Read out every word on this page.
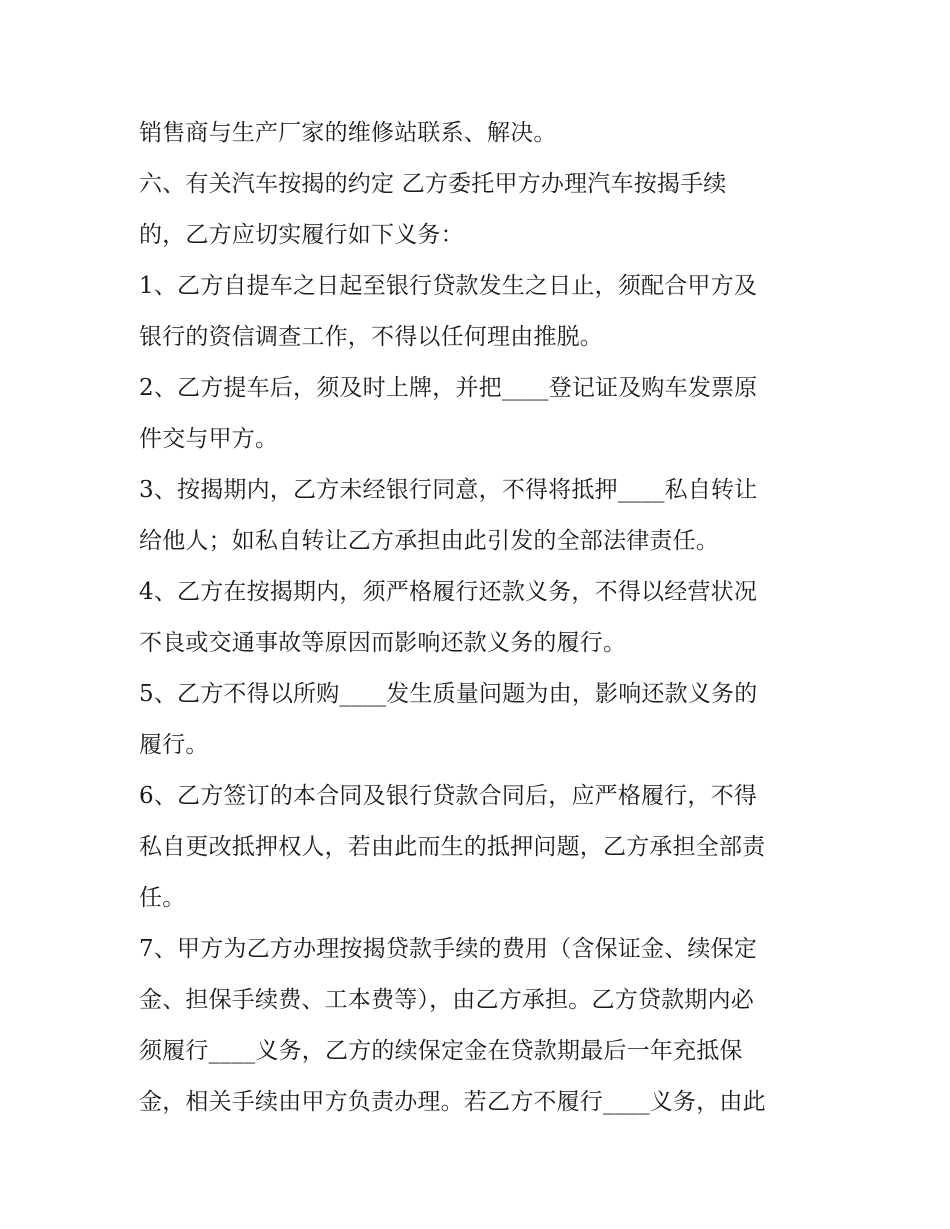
销售商与生产厂家的维修站联系、解决。
六、有关汽车按揭的约定 乙方委托甲方办理汽车按揭手续
的，乙方应切实履行如下义务：
1、乙方自提车之日起至银行贷款发生之日止，须配合甲方及
银行的资信调查工作，不得以任何理由推脱。
2、乙方提车后，须及时上牌，并把____登记证及购车发票原
件交与甲方。
3、按揭期内，乙方未经银行同意，不得将抵押____私自转让
给他人；如私自转让乙方承担由此引发的全部法律责任。
4、乙方在按揭期内，须严格履行还款义务，不得以经营状况
不良或交通事故等原因而影响还款义务的履行。
5、乙方不得以所购____发生质量问题为由，影响还款义务的
履行。
6、乙方签订的本合同及银行贷款合同后，应严格履行，不得
私自更改抵押权人，若由此而生的抵押问题，乙方承担全部责
任。
7、甲方为乙方办理按揭贷款手续的费用（含保证金、续保定
金、担保手续费、工本费等），由乙方承担。乙方贷款期内必
须履行____义务，乙方的续保定金在贷款期最后一年充抵保
金，相关手续由甲方负责办理。若乙方不履行____义务，由此
